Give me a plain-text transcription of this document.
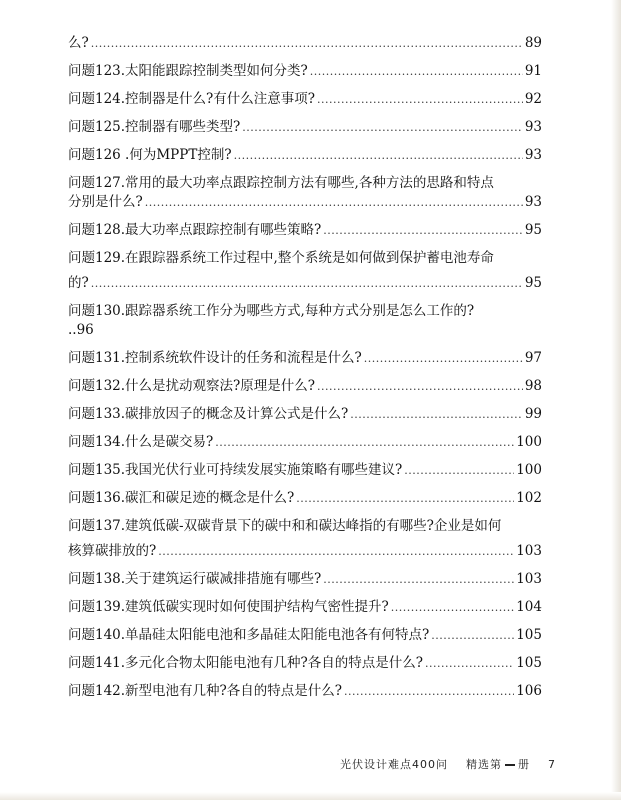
么? .....	89
问题123.太阳能跟踪控制类型如何分类? .....	91
问题124.控制器是什么?有什么注意事项? .....	92
问题125.控制器有哪些类型? .....	93
问题126 .何为MPPT控制? .....	93
问题127.常用的最大功率点跟踪控制方法有哪些,各种方法的思路和特点
分别是什么? .....	93
问题128.最大功率点跟踪控制有哪些策略? .....	95
问题129.在跟踪器系统工作过程中,整个系统是如何做到保护蓄电池寿命
的? .....	95
问题130.跟踪器系统工作分为哪些方式,每种方式分别是怎么工作的?
..96
问题131.控制系统软件设计的任务和流程是什么? .....	97
问题132.什么是扰动观察法?原理是什么? .....	98
问题133.碳排放因子的概念及计算公式是什么? .....	99
问题134.什么是碳交易? .....	100
问题135.我国光伏行业可持续发展实施策略有哪些建议? .....	100
问题136.碳汇和碳足迹的概念是什么? .....	102
问题137.建筑低碳-双碳背景下的碳中和和碳达峰指的有哪些?企业是如何
核算碳排放的? .....	103
问题138.关于建筑运行碳减排措施有哪些? .....	103
问题139.建筑低碳实现时如何使围护结构气密性提升? .....	104
问题140.单晶硅太阳能电池和多晶硅太阳能电池各有何特点? .....	105
问题141.多元化合物太阳能电池有几种?各自的特点是什么? .....	105
问题142.新型电池有几种?各自的特点是什么? .....	106
光伏设计难点400问 精选第 册 7
